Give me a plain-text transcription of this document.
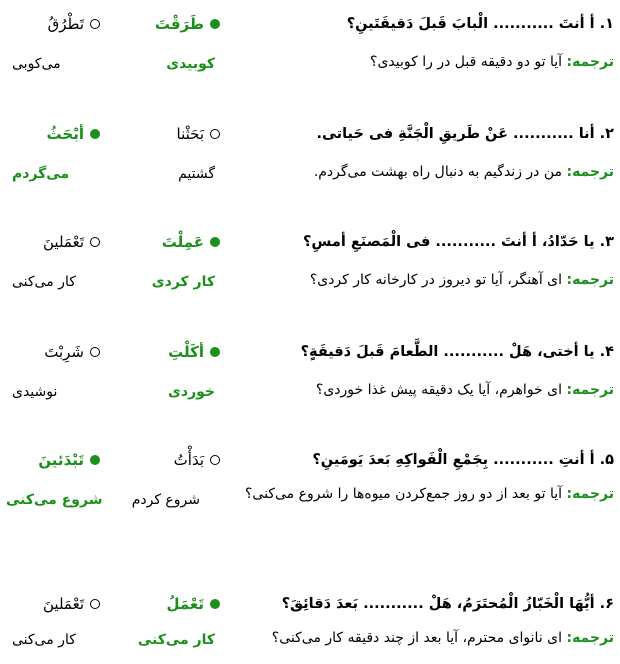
۱. أ أنتَ ........... الْبابَ قَبلَ دَقيقَتَينِ؟
طَرَقْتَ
تَطْرُقُ
ترجمه: آیا تو دو دقیقه قبل در را کوبیدی؟
کوبیدی
می‌کوبی
۲. أنا ........... عَنْ طَريقِ الْجَنَّةِ فی حَياتی.
بَحَثْنا
أبْحَثُ
ترجمه: من در زندگیم به دنبال راه بهشت می‌گردم.
گشتیم
می‌گردم
۳. یا حَدّادُ، أ أنتَ ........... فی الْمَصنَعِ أمسِ؟
عَمِلْتَ
تَعْمَلينَ
ترجمه: ای آهنگر، آیا تو دیروز در کارخانه کار کردی؟
کار کردی
کار می‌کنی
۴. یا أختی، هَلْ ........... الطَّعامَ قَبلَ دَقیقَةٍ؟
أكَلْتِ
شَرِبْتَ
ترجمه: ای خواهرم، آیا یک دقیقه پیش غذا خوردی؟
خوردی
نوشیدی
۵. أ أنتِ ........... بِجَمْعِ الْفَواكِهِ بَعدَ يَومَينِ؟
بَدَأْتُ
تَبْدَئينَ
ترجمه: آیا تو بعد از دو روز جمع‌کردن میوه‌ها را شروع می‌کنی؟
شروع کردم
شروع می‌کنی
۶. أيُّهَا الْخَبّازُ الْمُحتَرَمُ، هَلْ ........... بَعدَ دَقائِقَ؟
تَعْمَلُ
تَعْمَلينَ
ترجمه: ای نانوای محترم، آیا بعد از چند دقیقه کار می‌کنی؟
کار می‌کنی
کار می‌کنی
